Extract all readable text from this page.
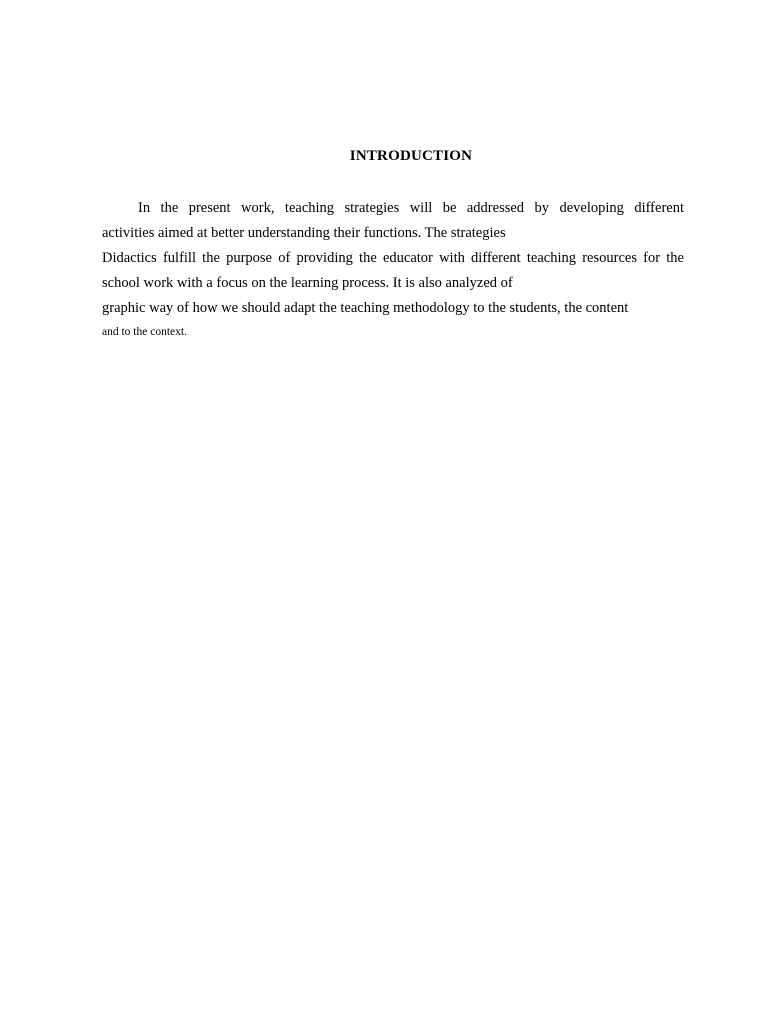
INTRODUCTION
In the present work, teaching strategies will be addressed by developing different
activities aimed at better understanding their functions. The strategies
Didactics fulfill the purpose of providing the educator with different teaching resources for the
school work with a focus on the learning process. It is also analyzed of
graphic way of how we should adapt the teaching methodology to the students, the content
and to the context.
